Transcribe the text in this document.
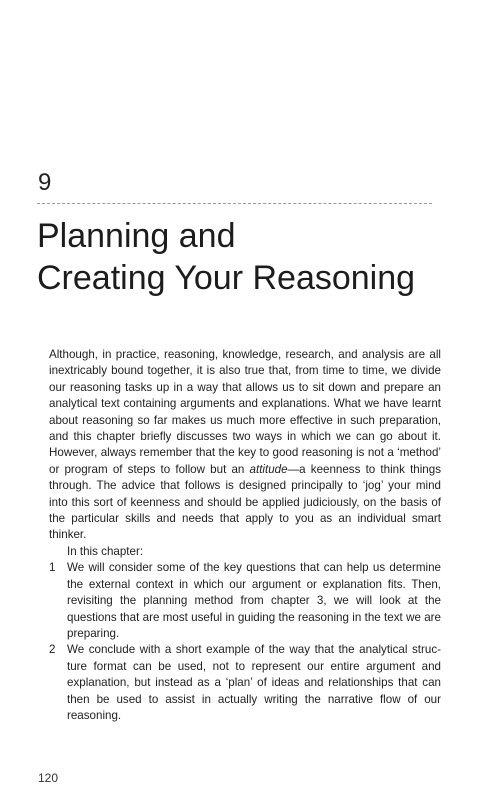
9
Planning and
Creating Your Reasoning

Although, in practice, reasoning, knowledge, research, and analysis are all inextricably bound together, it is also true that, from time to time, we divide our reasoning tasks up in a way that allows us to sit down and prepare an analytical text containing arguments and explanations. What we have learnt about reasoning so far makes us much more effective in such preparation, and this chapter briefly discusses two ways in which we can go about it. However, always remember that the key to good reasoning is not a ‘method’ or program of steps to follow but an attitude—a keenness to think things through. The advice that follows is designed principally to ‘jog’ your mind into this sort of keenness and should be applied judiciously, on the basis of the particular skills and needs that apply to you as an individual smart thinker.

In this chapter:

1 We will consider some of the key questions that can help us determine the external context in which our argument or explanation fits. Then, revisiting the planning method from chapter 3, we will look at the questions that are most useful in guiding the reasoning in the text we are preparing.
2 We conclude with a short example of the way that the analytical struc-ture format can be used, not to represent our entire argument and explanation, but instead as a ‘plan’ of ideas and relationships that can then be used to assist in actually writing the narrative flow of our reasoning.
120
